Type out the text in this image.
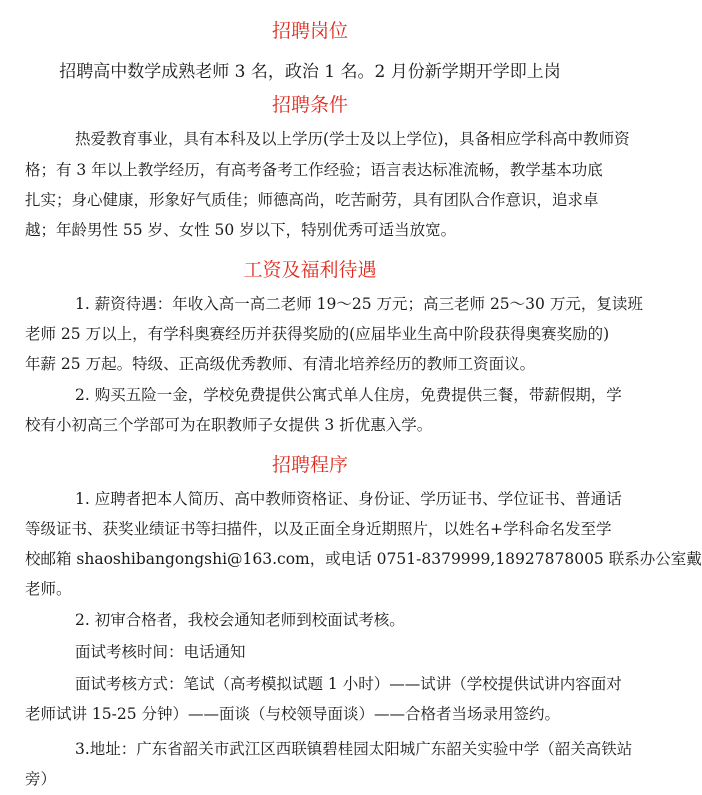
招聘岗位

招聘高中数学成熟老师 3 名，政治 1 名。2 月份新学期开学即上岗

招聘条件

热爱教育事业，具有本科及以上学历(学士及以上学位)，具备相应学科高中教师资

格；有 3 年以上教学经历，有高考备考工作经验；语言表达标准流畅，教学基本功底

扎实；身心健康，形象好气质佳；师德高尚，吃苦耐劳，具有团队合作意识，追求卓

越；年龄男性 55 岁、女性 50 岁以下，特别优秀可适当放宽。

工资及福利待遇

1. 薪资待遇：年收入高一高二老师 19～25 万元；高三老师 25～30 万元，复读班

老师 25 万以上，有学科奥赛经历并获得奖励的(应届毕业生高中阶段获得奥赛奖励的)

年薪 25 万起。特级、正高级优秀教师、有清北培养经历的教师工资面议。

2. 购买五险一金，学校免费提供公寓式单人住房，免费提供三餐，带薪假期，学

校有小初高三个学部可为在职教师子女提供 3 折优惠入学。

招聘程序

1. 应聘者把本人简历、高中教师资格证、身份证、学历证书、学位证书、普通话

等级证书、获奖业绩证书等扫描件，以及正面全身近期照片，以姓名+学科命名发至学

校邮箱 shaoshibangongshi@163.com，或电话 0751-8379999,18927878005 联系办公室戴

老师。

2. 初审合格者，我校会通知老师到校面试考核。

面试考核时间：电话通知

面试考核方式：笔试（高考模拟试题 1 小时）——试讲（学校提供试讲内容面对

老师试讲 15-25 分钟）——面谈（与校领导面谈）——合格者当场录用签约。

3.地址：广东省韶关市武江区西联镇碧桂园太阳城广东韶关实验中学（韶关高铁站

旁）
